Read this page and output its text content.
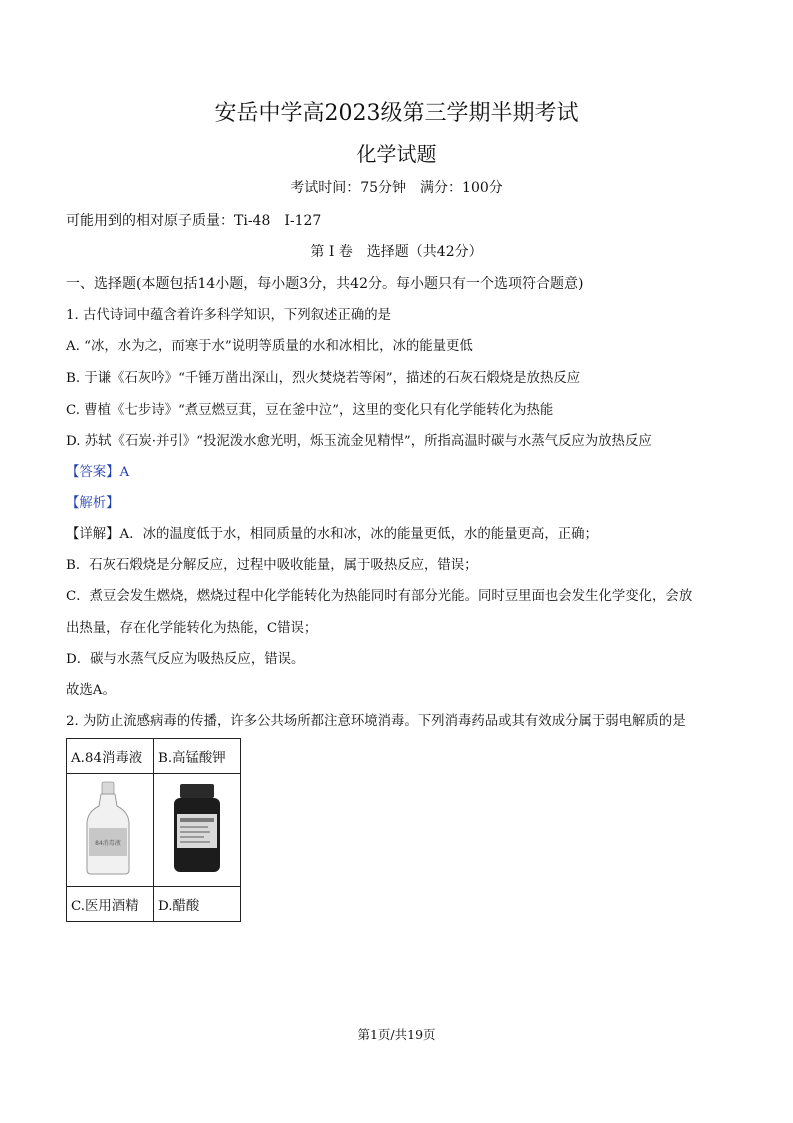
安岳中学高2023级第三学期半期考试
化学试题
考试时间：75分钟　满分：100分
可能用到的相对原子质量：Ti-48　I-127
第 I 卷　选择题（共42分）
一、选择题(本题包括14小题，每小题3分，共42分。每小题只有一个选项符合题意)
1. 古代诗词中蕴含着许多科学知识，下列叙述正确的是
A. “冰，水为之，而寒于水”说明等质量的水和冰相比，冰的能量更低
B. 于谦《石灰吟》“千锤万凿出深山，烈火焚烧若等闲”，描述的石灰石煅烧是放热反应
C. 曹植《七步诗》“煮豆燃豆萁，豆在釜中泣”，这里的变化只有化学能转化为热能
D. 苏轼《石炭·并引》“投泥泼水愈光明，烁玉流金见精悍”，所指高温时碳与水蒸气反应为放热反应
【答案】A
【解析】
【详解】A．冰的温度低于水，相同质量的水和冰，冰的能量更低，水的能量更高，正确；
B．石灰石煅烧是分解反应，过程中吸收能量，属于吸热反应，错误；
C．煮豆会发生燃烧，燃烧过程中化学能转化为热能同时有部分光能。同时豆里面也会发生化学变化，会放
出热量，存在化学能转化为热能，C错误；
D．碳与水蒸气反应为吸热反应，错误。
故选A。
2. 为防止流感病毒的传播，许多公共场所都注意环境消毒。下列消毒药品或其有效成分属于弱电解质的是
A.84消毒液	B.高锰酸钾

84消毒液

C.医用酒精	D.醋酸
第1页/共19页
